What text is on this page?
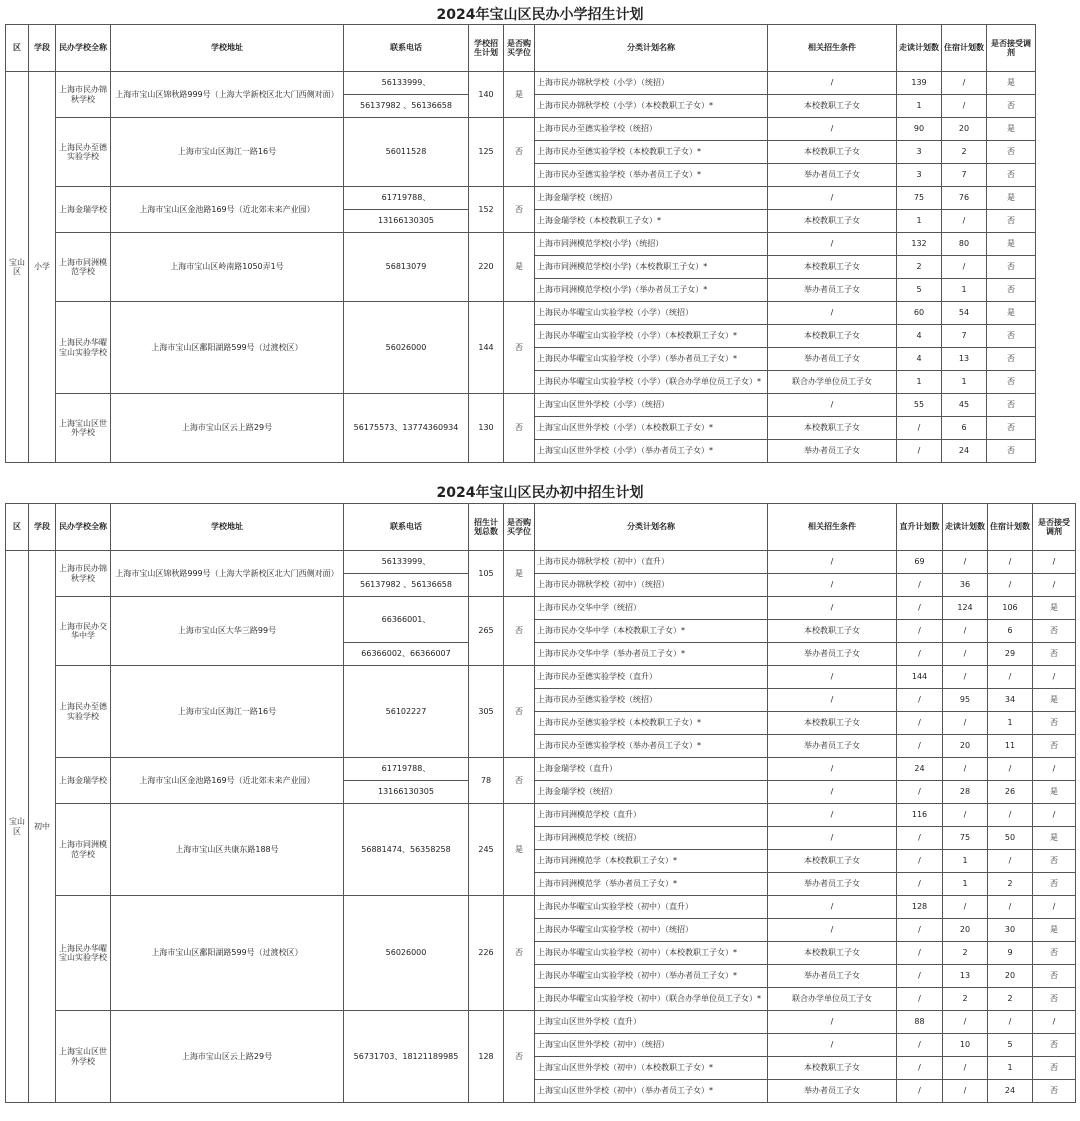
2024年宝山区民办小学招生计划
区	学段	民办学校全称	学校地址	联系电话	学校招生计划	是否购买学位	分类计划名称	相关招生条件	走读计划数	住宿计划数	是否接受调剂
宝山区	小学	上海市民办锦秋学校	上海市宝山区锦秋路999号（上海大学新校区北大门西侧对面）	56133999、	140	是	上海市民办锦秋学校（小学）（统招）	/	139	/	是
				56137982 、56136658			上海市民办锦秋学校（小学）（本校教职工子女）*	本校教职工子女	1	/	否
		上海民办至德实验学校	上海市宝山区海江一路16号	56011528	125	否	上海市民办至德实验学校（统招）	/	90	20	是
							上海市民办至德实验学校（本校教职工子女）*	本校教职工子女	3	2	否
							上海市民办至德实验学校（举办者员工子女）*	举办者员工子女	3	7	否
		上海金瑞学校	上海市宝山区金池路169号（近北郊未来产业园）	61719788、	152	否	上海金瑞学校（统招）	/	75	76	是
				13166130305			上海金瑞学校（本校教职工子女）*	本校教职工子女	1	/	否
		上海市同洲模范学校	上海市宝山区岭南路1050弄1号	56813079	220	是	上海市同洲模范学校(小学)（统招）	/	132	80	是
							上海市同洲模范学校(小学)（本校教职工子女）*	本校教职工子女	2	/	否
							上海市同洲模范学校(小学)（举办者员工子女）*	举办者员工子女	5	1	否
		上海民办华曜宝山实验学校	上海市宝山区鄱阳湖路599号（过渡校区）	56026000	144	否	上海民办华曜宝山实验学校（小学）（统招）	/	60	54	是
							上海民办华曜宝山实验学校（小学）（本校教职工子女）*	本校教职工子女	4	7	否
							上海民办华曜宝山实验学校（小学）（举办者员工子女）*	举办者员工子女	4	13	否
							上海民办华曜宝山实验学校（小学）（联合办学单位员工子女）*	联合办学单位员工子女	1	1	否
		上海宝山区世外学校	上海市宝山区云上路29号	56175573、13774360934	130	否	上海宝山区世外学校（小学）（统招）	/	55	45	否
							上海宝山区世外学校（小学）（本校教职工子女）*	本校教职工子女	/	6	否
							上海宝山区世外学校（小学）（举办者员工子女）*	举办者员工子女	/	24	否
2024年宝山区民办初中招生计划
区	学段	民办学校全称	学校地址	联系电话	招生计划总数	是否购买学位	分类计划名称	相关招生条件	直升计划数	走读计划数	住宿计划数	是否接受调剂
宝山区	初中	上海市民办锦秋学校	上海市宝山区锦秋路999号（上海大学新校区北大门西侧对面）	56133999、	105	是	上海市民办锦秋学校（初中）（直升）	/	69	/	/	/
				56137982 、56136658			上海市民办锦秋学校（初中）（统招）	/	/	36	/	/
		上海市民办交华中学	上海市宝山区大华三路99号	66366001、	265	否	上海市民办交华中学（统招）	/	/	124	106	是
							上海市民办交华中学（本校教职工子女）*	本校教职工子女	/	/	6	否
				66366002、66366007			上海市民办交华中学（举办者员工子女）*	举办者员工子女	/	/	29	否
		上海民办至德实验学校	上海市宝山区海江一路16号	56102227	305	否	上海市民办至德实验学校（直升）	/	144	/	/	/
							上海市民办至德实验学校（统招）	/	/	95	34	是
							上海市民办至德实验学校（本校教职工子女）*	本校教职工子女	/	/	1	否
							上海市民办至德实验学校（举办者员工子女）*	举办者员工子女	/	20	11	否
		上海金瑞学校	上海市宝山区金池路169号（近北郊未来产业园）	61719788、	78	否	上海金瑞学校（直升）	/	24	/	/	/
				13166130305			上海金瑞学校（统招）	/	/	28	26	是
		上海市同洲模范学校	上海市宝山区共康东路188号	56881474、56358258	245	是	上海市同洲模范学校（直升）	/	116	/	/	/
							上海市同洲模范学校（统招）	/	/	75	50	是
							上海市同洲模范学（本校教职工子女）*	本校教职工子女	/	1	/	否
							上海市同洲模范学（举办者员工子女）*	举办者员工子女	/	1	2	否
		上海民办华曜宝山实验学校	上海市宝山区鄱阳湖路599号（过渡校区）	56026000	226	否	上海民办华曜宝山实验学校（初中）（直升）	/	128	/	/	/
							上海民办华曜宝山实验学校（初中）（统招）	/	/	20	30	是
							上海民办华曜宝山实验学校（初中）（本校教职工子女）*	本校教职工子女	/	2	9	否
							上海民办华曜宝山实验学校（初中）（举办者员工子女）*	举办者员工子女	/	13	20	否
							上海民办华曜宝山实验学校（初中）（联合办学单位员工子女）*	联合办学单位员工子女	/	2	2	否
		上海宝山区世外学校	上海市宝山区云上路29号	56731703、18121189985	128	否	上海宝山区世外学校（直升）	/	88	/	/	/
							上海宝山区世外学校（初中）（统招）	/	/	10	5	否
							上海宝山区世外学校（初中）（本校教职工子女）*	本校教职工子女	/	/	1	否
							上海宝山区世外学校（初中）（举办者员工子女）*	举办者员工子女	/	/	24	否
